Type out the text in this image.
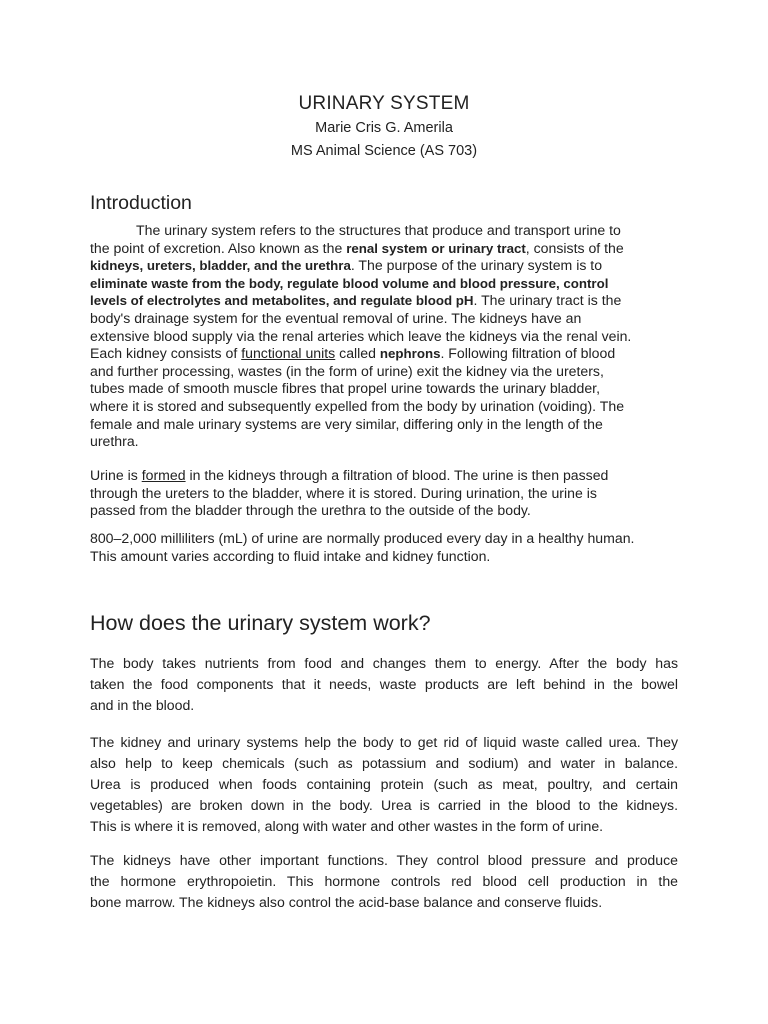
URINARY SYSTEM
Marie Cris G. Amerila
MS Animal Science (AS 703)
Introduction
The urinary system refers to the structures that produce and transport urine to
the point of excretion. Also known as the renal system or urinary tract, consists of the
kidneys, ureters, bladder, and the urethra. The purpose of the urinary system is to
eliminate waste from the body, regulate blood volume and blood pressure, control
levels of electrolytes and metabolites, and regulate blood pH. The urinary tract is the
body's drainage system for the eventual removal of urine. The kidneys have an
extensive blood supply via the renal arteries which leave the kidneys via the renal vein.
Each kidney consists of functional units called nephrons. Following filtration of blood
and further processing, wastes (in the form of urine) exit the kidney via the ureters,
tubes made of smooth muscle fibres that propel urine towards the urinary bladder,
where it is stored and subsequently expelled from the body by urination (voiding). The
female and male urinary systems are very similar, differing only in the length of the
urethra.
Urine is formed in the kidneys through a filtration of blood. The urine is then passed
through the ureters to the bladder, where it is stored. During urination, the urine is
passed from the bladder through the urethra to the outside of the body.
800–2,000 milliliters (mL) of urine are normally produced every day in a healthy human.
This amount varies according to fluid intake and kidney function.
How does the urinary system work?
The body takes nutrients from food and changes them to energy. After the body has
taken the food components that it needs, waste products are left behind in the bowel
and in the blood.
The kidney and urinary systems help the body to get rid of liquid waste called urea. They
also help to keep chemicals (such as potassium and sodium) and water in balance.
Urea is produced when foods containing protein (such as meat, poultry, and certain
vegetables) are broken down in the body. Urea is carried in the blood to the kidneys.
This is where it is removed, along with water and other wastes in the form of urine.
The kidneys have other important functions. They control blood pressure and produce
the hormone erythropoietin. This hormone controls red blood cell production in the
bone marrow. The kidneys also control the acid-base balance and conserve fluids.
